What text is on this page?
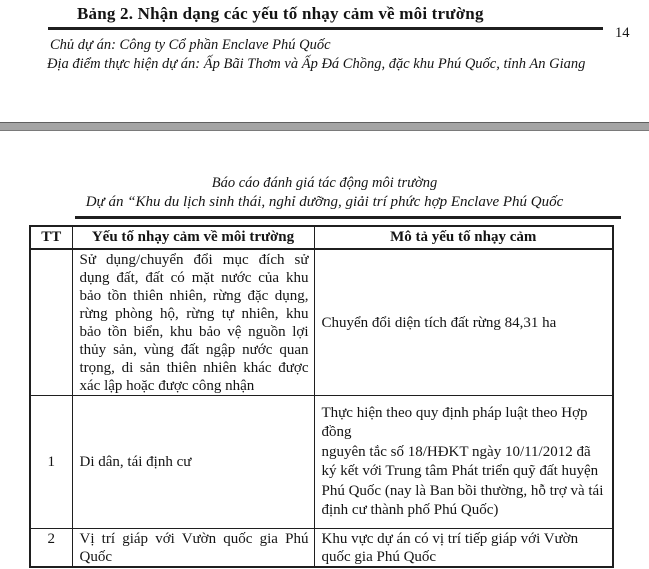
Bảng 2. Nhận dạng các yếu tố nhạy cảm về môi trường
Chủ dự án: Công ty Cổ phần Enclave Phú Quốc
Địa điểm thực hiện dự án: Ấp Bãi Thơm và Ấp Đá Chồng, đặc khu Phú Quốc, tỉnh An Giang
14
Báo cáo đánh giá tác động môi trường
Dự án “Khu du lịch sinh thái, nghỉ dưỡng, giải trí phức hợp Enclave Phú Quốc
TT	Yếu tố nhạy cảm về môi trường	Mô tả yếu tố nhạy cảm
	Sử dụng/chuyển đổi mục đích sử dụng đất, đất có mặt nước của khu bảo tồn thiên nhiên, rừng đặc dụng, rừng phòng hộ, rừng tự nhiên, khu bảo tồn biển, khu bảo vệ nguồn lợi thủy sản, vùng đất ngập nước quan trọng, di sản thiên nhiên khác được xác lập hoặc được công nhận	Chuyển đổi diện tích đất rừng 84,31 ha
1	Di dân, tái định cư	Thực hiện theo quy định pháp luật theo Hợp đồng
nguyên tắc số 18/HĐKT ngày 10/11/2012 đã ký kết với Trung tâm Phát triển quỹ đất huyện Phú Quốc (nay là Ban bồi thường, hỗ trợ và tái định cư thành phố Phú Quốc)

2	Vị trí giáp với Vườn quốc gia Phú Quốc	Khu vực dự án có vị trí tiếp giáp với Vườn quốc gia Phú Quốc
